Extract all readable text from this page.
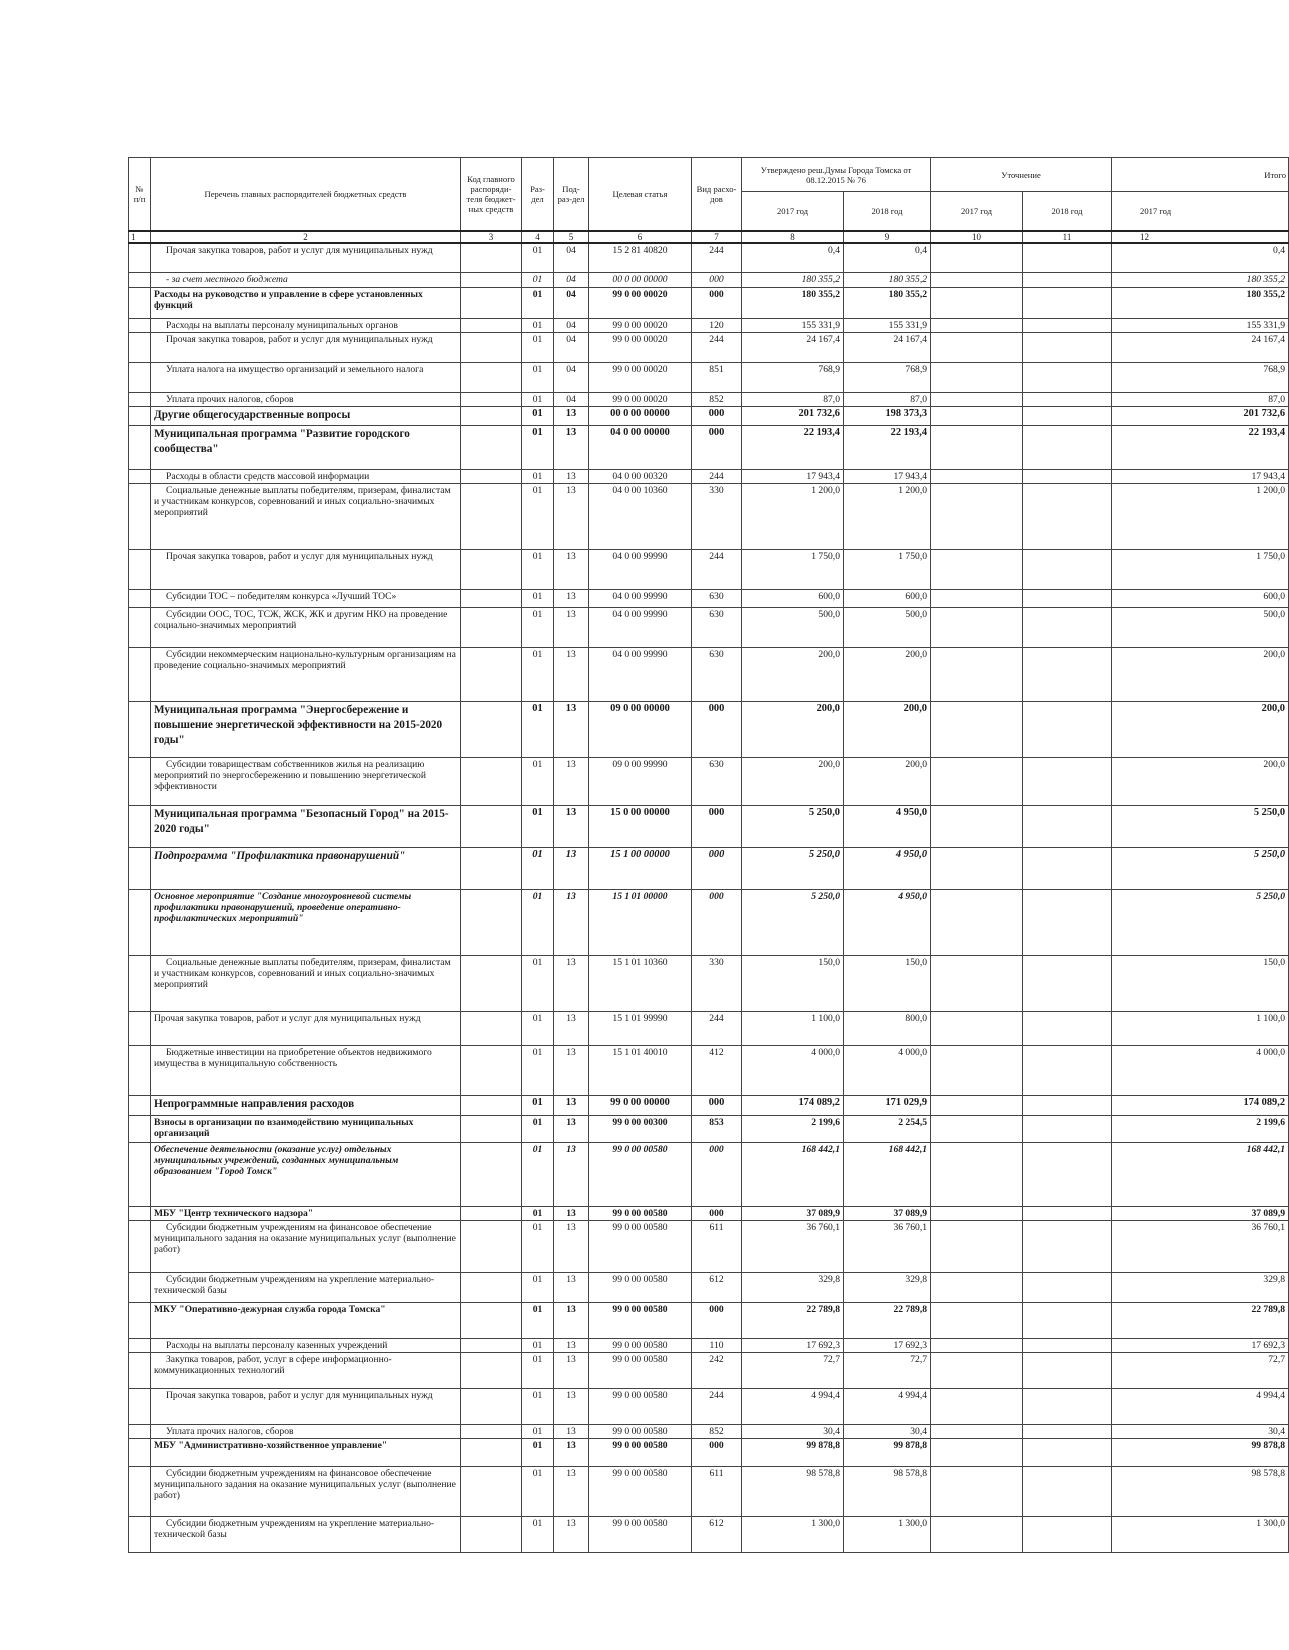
№ п/п	Перечень главных распорядителей бюджетных средств	Код главного распоряди-теля бюджет-ных средств	Раз-дел	Под-раз-дел	Целевая статья	Вид расхо-дов	Утверждено реш.Думы Города Томска от 08.12.2015 № 76		Уточнение		Итого
							2017 год	2018 год	2017 год	2018 год	2017 год
1	2	3	4	5	6	7	8	9	10	11	12
	Прочая закупка товаров, работ и услуг для муниципальных нужд		01	04	15 2 81 40820	244	0,4	0,4			0,4
	- за счет местного бюджета		01	04	00 0 00 00000	000	180 355,2	180 355,2			180 355,2
	Расходы на руководство и управление в сфере установленных функций		01	04	99 0 00 00020	000	180 355,2	180 355,2			180 355,2
	Расходы на выплаты персоналу муниципальных органов		01	04	99 0 00 00020	120	155 331,9	155 331,9			155 331,9
	Прочая закупка товаров, работ и услуг для муниципальных нужд		01	04	99 0 00 00020	244	24 167,4	24 167,4			24 167,4
	Уплата налога на имущество организаций и земельного налога		01	04	99 0 00 00020	851	768,9	768,9			768,9
	Уплата прочих налогов, сборов		01	04	99 0 00 00020	852	87,0	87,0			87,0
	Другие общегосударственные вопросы		01	13	00 0 00 00000	000	201 732,6	198 373,3			201 732,6
	Муниципальная программа "Развитие городского сообщества"		01	13	04 0 00 00000	000	22 193,4	22 193,4			22 193,4
	Расходы в области средств массовой информации		01	13	04 0 00 00320	244	17 943,4	17 943,4			17 943,4
	Социальные денежные выплаты победителям, призерам, финалистам и участникам конкурсов, соревнований и иных социально-значимых мероприятий		01	13	04 0 00 10360	330	1 200,0	1 200,0			1 200,0
	Прочая закупка товаров, работ и услуг для муниципальных нужд		01	13	04 0 00 99990	244	1 750,0	1 750,0			1 750,0
	Субсидии ТОС – победителям конкурса «Лучший ТОС»		01	13	04 0 00 99990	630	600,0	600,0			600,0
	Субсидии ООС, ТОС, ТСЖ, ЖСК, ЖК и другим НКО на проведение социально-значимых мероприятий		01	13	04 0 00 99990	630	500,0	500,0			500,0
	Субсидии некоммерческим национально-культурным организациям на проведение социально-значимых мероприятий		01	13	04 0 00 99990	630	200,0	200,0			200,0
	Муниципальная программа "Энергосбережение и повышение энергетической эффективности на 2015-2020 годы"		01	13	09 0 00 00000	000	200,0	200,0			200,0
	Субсидии товариществам собственников жилья на реализацию мероприятий по энергосбережению и повышению энергетической эффективности		01	13	09 0 00 99990	630	200,0	200,0			200,0
	Муниципальная программа "Безопасный Город" на 2015-2020 годы"		01	13	15 0 00 00000	000	5 250,0	4 950,0			5 250,0
	Подпрограмма "Профилактика правонарушений"		01	13	15 1 00 00000	000	5 250,0	4 950,0			5 250,0
	Основное мероприятие "Создание многоуровневой системы профилактики правонарушений, проведение оперативно-профилактических мероприятий"		01	13	15 1 01 00000	000	5 250,0	4 950,0			5 250,0
	Социальные денежные выплаты победителям, призерам, финалистам и участникам конкурсов, соревнований и иных социально-значимых мероприятий		01	13	15 1 01 10360	330	150,0	150,0			150,0
	Прочая закупка товаров, работ и услуг для муниципальных нужд		01	13	15 1 01 99990	244	1 100,0	800,0			1 100,0
	Бюджетные инвестиции на приобретение объектов недвижимого имущества в муниципальную собственность		01	13	15 1 01 40010	412	4 000,0	4 000,0			4 000,0
	Непрограммные направления расходов		01	13	99 0 00 00000	000	174 089,2	171 029,9			174 089,2
	Взносы в организации по взаимодействию муниципальных организаций		01	13	99 0 00 00300	853	2 199,6	2 254,5			2 199,6
	Обеспечение деятельности (оказание услуг) отдельных муниципальных учреждений, созданных муниципальным образованием "Город Томск"		01	13	99 0 00 00580	000	168 442,1	168 442,1			168 442,1
	МБУ "Центр технического надзора"		01	13	99 0 00 00580	000	37 089,9	37 089,9			37 089,9
	Субсидии бюджетным учреждениям на финансовое обеспечение муниципального задания на оказание муниципальных услуг (выполнение работ)		01	13	99 0 00 00580	611	36 760,1	36 760,1			36 760,1
	Субсидии бюджетным учреждениям на укрепление материально-технической базы		01	13	99 0 00 00580	612	329,8	329,8			329,8
	МКУ "Оперативно-дежурная служба города Томска"		01	13	99 0 00 00580	000	22 789,8	22 789,8			22 789,8
	Расходы на выплаты персоналу казенных учреждений		01	13	99 0 00 00580	110	17 692,3	17 692,3			17 692,3
	Закупка товаров, работ, услуг в сфере информационно-коммуникационных технологий		01	13	99 0 00 00580	242	72,7	72,7			72,7
	Прочая закупка товаров, работ и услуг для муниципальных нужд		01	13	99 0 00 00580	244	4 994,4	4 994,4			4 994,4
	Уплата прочих налогов, сборов		01	13	99 0 00 00580	852	30,4	30,4			30,4
	МБУ "Административно-хозяйственное управление"		01	13	99 0 00 00580	000	99 878,8	99 878,8			99 878,8
	Субсидии бюджетным учреждениям на финансовое обеспечение муниципального задания на оказание муниципальных услуг (выполнение работ)		01	13	99 0 00 00580	611	98 578,8	98 578,8			98 578,8
	Субсидии бюджетным учреждениям на укрепление материально-технической базы		01	13	99 0 00 00580	612	1 300,0	1 300,0			1 300,0
